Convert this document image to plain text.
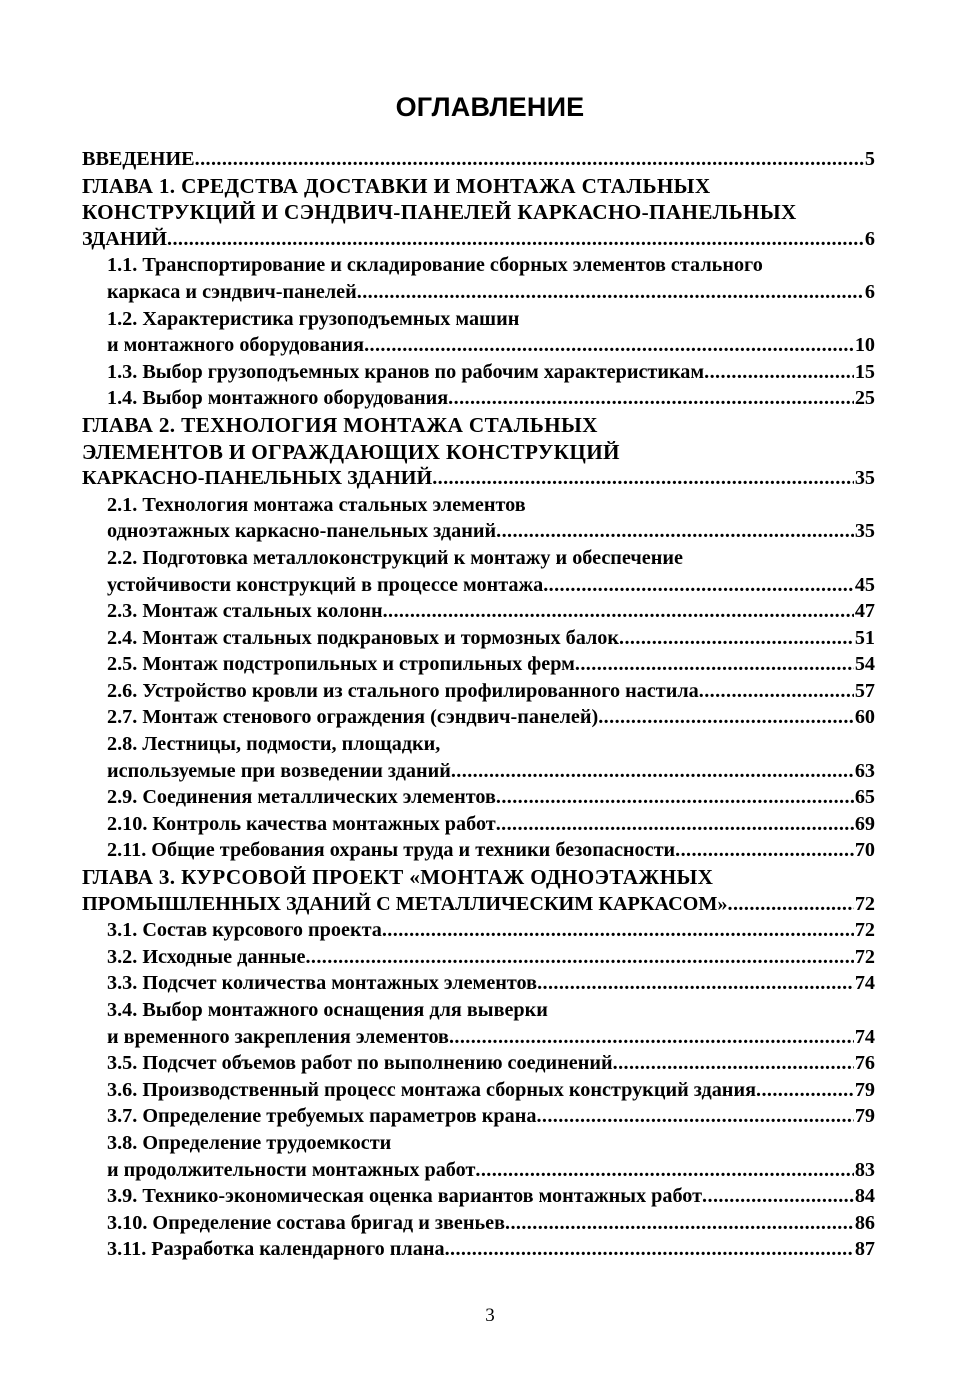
ОГЛАВЛЕНИЕ
ВВЕДЕНИЕ .....	5
ГЛАВА 1. СРЕДСТВА ДОСТАВКИ И МОНТАЖА СТАЛЬНЫХ
КОНСТРУКЦИЙ И СЭНДВИЧ-ПАНЕЛЕЙ КАРКАСНО-ПАНЕЛЬНЫХ
ЗДАНИЙ .....	6
1.1. Транспортирование и складирование сборных элементов стального
каркаса и сэндвич-панелей .....	6
1.2. Характеристика грузоподъемных машин
и монтажного оборудования .....	10
1.3. Выбор грузоподъемных кранов по рабочим характеристикам .....	15
1.4. Выбор монтажного оборудования .....	25
ГЛАВА 2. ТЕХНОЛОГИЯ МОНТАЖА СТАЛЬНЫХ
ЭЛЕМЕНТОВ И ОГРАЖДАЮЩИХ КОНСТРУКЦИЙ
КАРКАСНО-ПАНЕЛЬНЫХ ЗДАНИЙ .....	35
2.1. Технология монтажа стальных элементов
одноэтажных каркасно-панельных зданий .....	35
2.2. Подготовка металлоконструкций к монтажу и обеспечение
устойчивости конструкций в процессе монтажа .....	45
2.3. Монтаж стальных колонн .....	47
2.4. Монтаж стальных подкрановых и тормозных балок .....	51
2.5. Монтаж подстропильных и стропильных ферм .....	54
2.6. Устройство кровли из стального профилированного настила .....	57
2.7. Монтаж стенового ограждения (сэндвич-панелей) .....	60
2.8. Лестницы, подмости, площадки,
используемые при возведении зданий .....	63
2.9. Соединения металлических элементов .....	65
2.10. Контроль качества монтажных работ .....	69
2.11. Общие требования охраны труда и техники безопасности .....	70
ГЛАВА 3. КУРСОВОЙ ПРОЕКТ «МОНТАЖ ОДНОЭТАЖНЫХ
ПРОМЫШЛЕННЫХ ЗДАНИЙ С МЕТАЛЛИЧЕСКИМ КАРКАСОМ» .....	72
3.1. Состав курсового проекта .....	72
3.2. Исходные данные .....	72
3.3. Подсчет количества монтажных элементов .....	74
3.4. Выбор монтажного оснащения для выверки
и временного закрепления элементов .....	74
3.5. Подсчет объемов работ по выполнению соединений .....	76
3.6. Производственный процесс монтажа сборных конструкций здания .....	79
3.7. Определение требуемых параметров крана .....	79
3.8. Определение трудоемкости
и продолжительности монтажных работ .....	83
3.9. Технико-экономическая оценка вариантов монтажных работ .....	84
3.10. Определение состава бригад и звеньев .....	86
3.11. Разработка календарного плана .....	87
3
